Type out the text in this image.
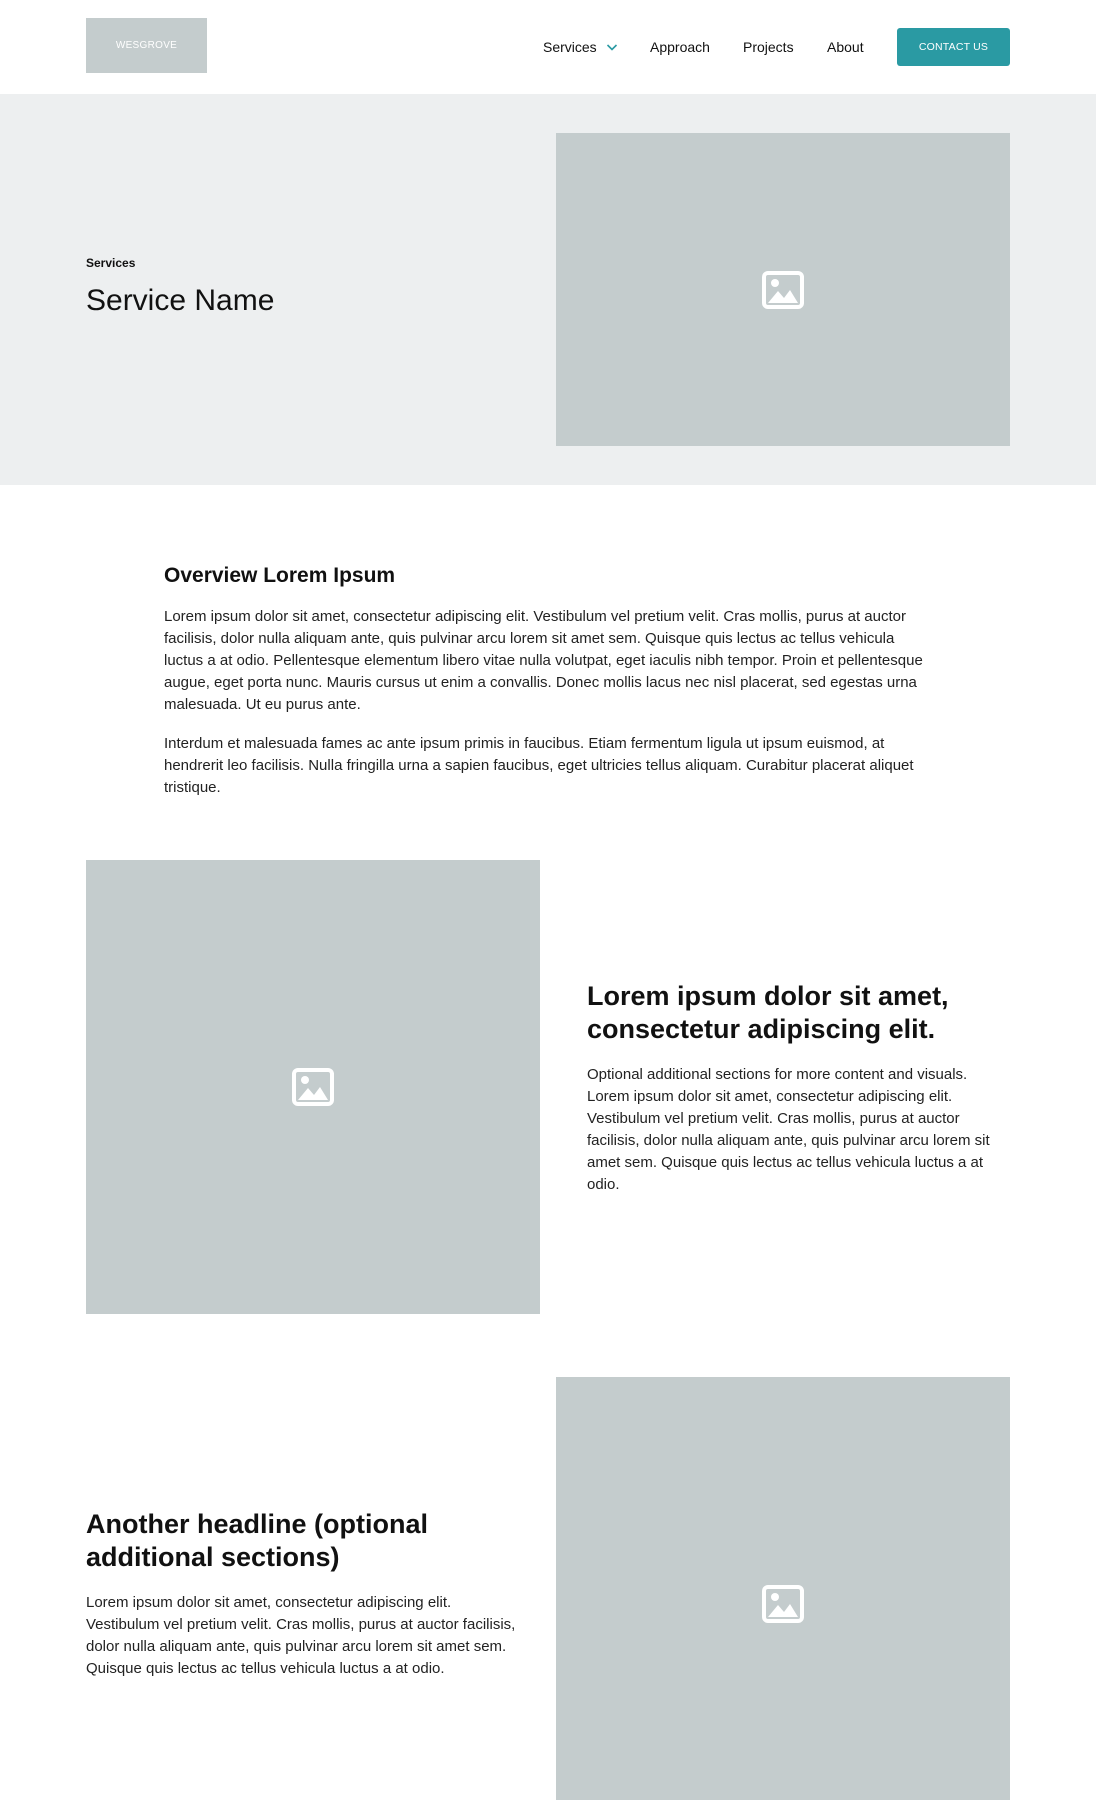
WESGROVE	Services	Approach Projects About	CONTACT US
Services
Service Name
Overview Lorem Ipsum

Lorem ipsum dolor sit amet, consectetur adipiscing elit. Vestibulum vel pretium velit. Cras mollis, purus at auctor facilisis, dolor nulla aliquam ante, quis pulvinar arcu lorem sit amet sem. Quisque quis lectus ac tellus vehicula luctus a at odio. Pellentesque elementum libero vitae nulla volutpat, eget iaculis nibh tempor. Proin et pellentesque augue, eget porta nunc. Mauris cursus ut enim a convallis. Donec mollis lacus nec nisl placerat, sed egestas urna malesuada. Ut eu purus ante.

Interdum et malesuada fames ac ante ipsum primis in faucibus. Etiam fermentum ligula ut ipsum euismod, at hendrerit leo facilisis. Nulla fringilla urna a sapien faucibus, eget ultricies tellus aliquam. Curabitur placerat aliquet tristique.

Lorem ipsum dolor sit amet, consectetur adipiscing elit.

Optional additional sections for more content and visuals. Lorem ipsum dolor sit amet, consectetur adipiscing elit. Vestibulum vel pretium velit. Cras mollis, purus at auctor facilisis, dolor nulla aliquam ante, quis pulvinar arcu lorem sit amet sem. Quisque quis lectus ac tellus vehicula luctus a at odio.

Another headline (optional additional sections)

Lorem ipsum dolor sit amet, consectetur adipiscing elit. Vestibulum vel pretium velit. Cras mollis, purus at auctor facilisis, dolor nulla aliquam ante, quis pulvinar arcu lorem sit amet sem. Quisque quis lectus ac tellus vehicula luctus a at odio.
